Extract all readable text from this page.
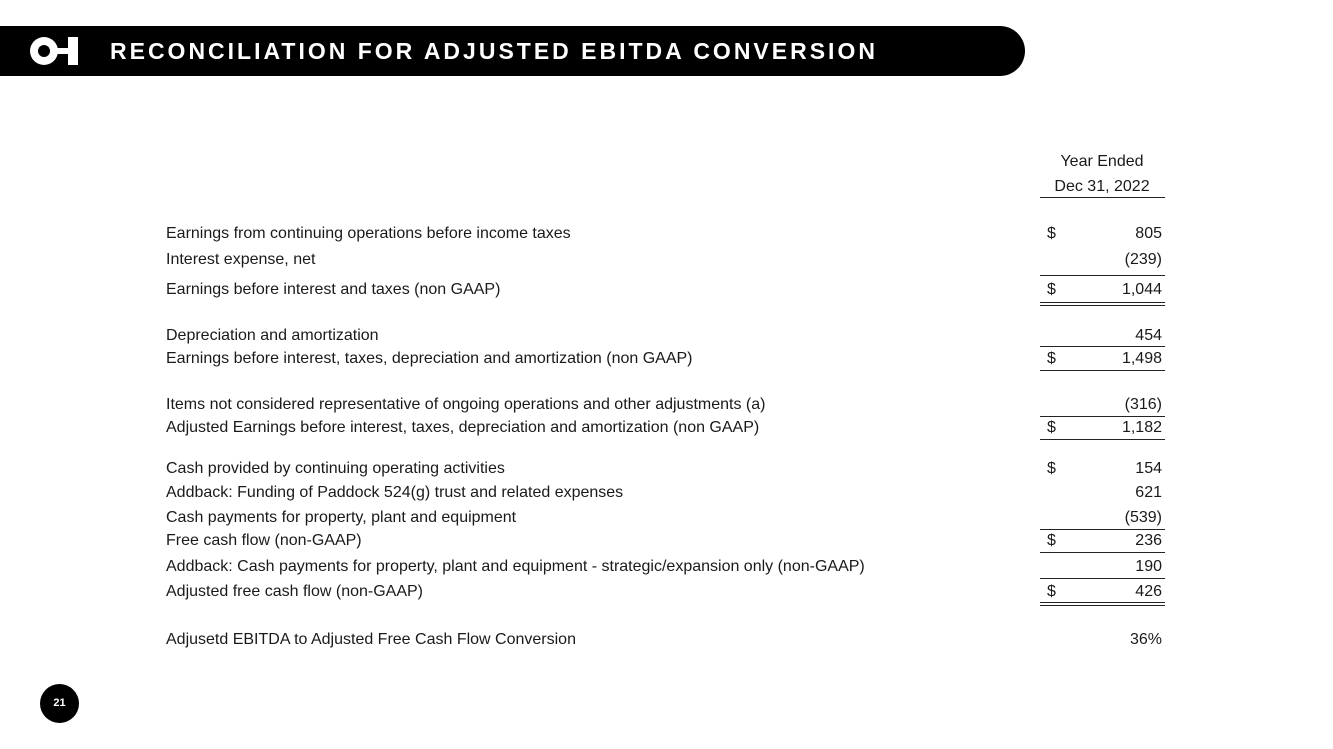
RECONCILIATION FOR ADJUSTED EBITDA CONVERSION
Year Ended
Dec 31, 2022
Earnings from continuing operations before income taxes	$	805
Interest expense, net	(239)
Earnings before interest and taxes (non GAAP)	$	1,044
Depreciation and amortization	454
Earnings before interest, taxes, depreciation and amortization (non GAAP)	$	1,498
Items not considered representative of ongoing operations and other adjustments (a)	(316)
Adjusted Earnings before interest, taxes, depreciation and amortization (non GAAP)	$	1,182
Cash provided by continuing operating activities	$	154
Addback: Funding of Paddock 524(g) trust and related expenses	621
Cash payments for property, plant and equipment	(539)
Free cash flow (non-GAAP)	$	236
Addback: Cash payments for property, plant and equipment - strategic/expansion only (non-GAAP)	190
Adjusted free cash flow (non-GAAP)	$	426
Adjusetd EBITDA to Adjusted Free Cash Flow Conversion	36%
21
